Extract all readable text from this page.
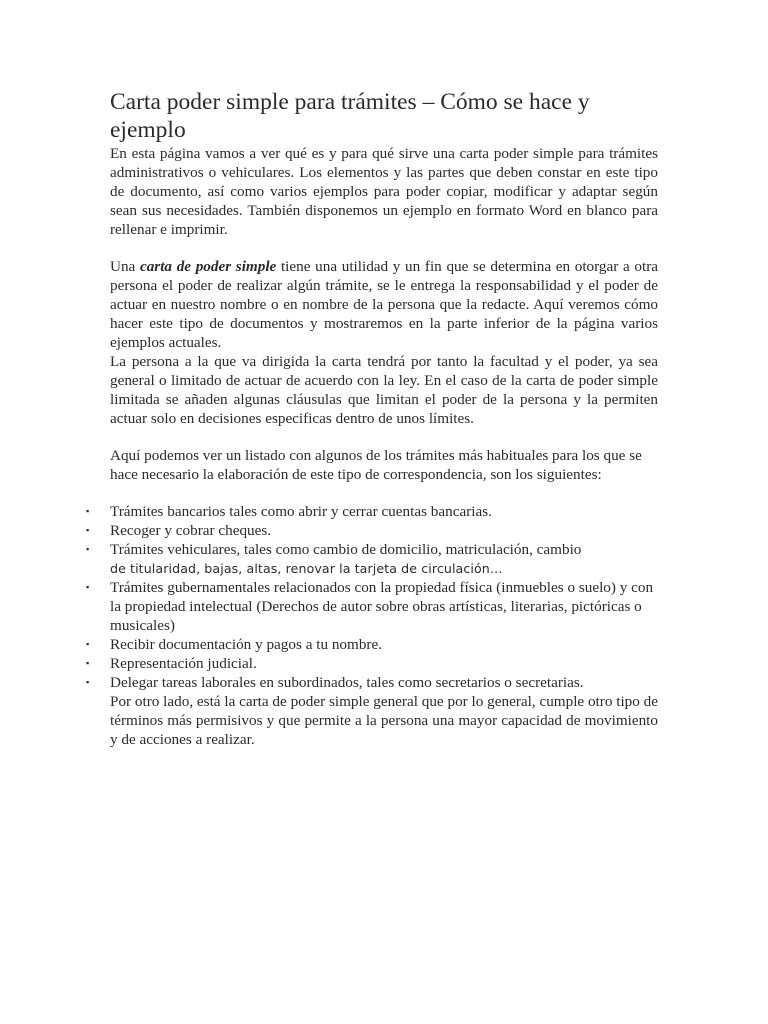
Carta poder simple para trámites – Cómo se hace y ejemplo

En esta página vamos a ver qué es y para qué sirve una carta poder simple para trámites administrativos o vehiculares. Los elementos y las partes que deben constar en este tipo de documento, así como varios ejemplos para poder copiar, modificar y adaptar según sean sus necesidades. También disponemos un ejemplo en formato Word en blanco para rellenar e imprimir.

Una carta de poder simple tiene una utilidad y un fin que se determina en otorgar a otra persona el poder de realizar algún trámite, se le entrega la responsabilidad y el poder de actuar en nuestro nombre o en nombre de la persona que la redacte. Aquí veremos cómo hacer este tipo de documentos y mostraremos en la parte inferior de la página varios ejemplos actuales.

La persona a la que va dirigida la carta tendrá por tanto la facultad y el poder, ya sea general o limitado de actuar de acuerdo con la ley. En el caso de la carta de poder simple limitada se añaden algunas cláusulas que limitan el poder de la persona y la permiten actuar solo en decisiones especificas dentro de unos límites.

Aquí podemos ver un listado con algunos de los trámites más habituales para los que se hace necesario la elaboración de este tipo de correspondencia, son los siguientes:

▪ Trámites bancarios tales como abrir y cerrar cuentas bancarias.
▪ Recoger y cobrar cheques.
▪ Trámites vehiculares, tales como cambio de domicilio, matriculación, cambio
de titularidad, bajas, altas, renovar la tarjeta de circulación…
▪ Trámites gubernamentales relacionados con la propiedad física (inmuebles o suelo) y con la propiedad intelectual (Derechos de autor sobre obras artísticas, literarias, pictóricas o musicales)
▪ Recibir documentación y pagos a tu nombre.
▪ Representación judicial.
▪ Delegar tareas laborales en subordinados, tales como secretarios o secretarias.

Por otro lado, está la carta de poder simple general que por lo general, cumple otro tipo de términos más permisivos y que permite a la persona una mayor capacidad de movimiento y de acciones a realizar.
